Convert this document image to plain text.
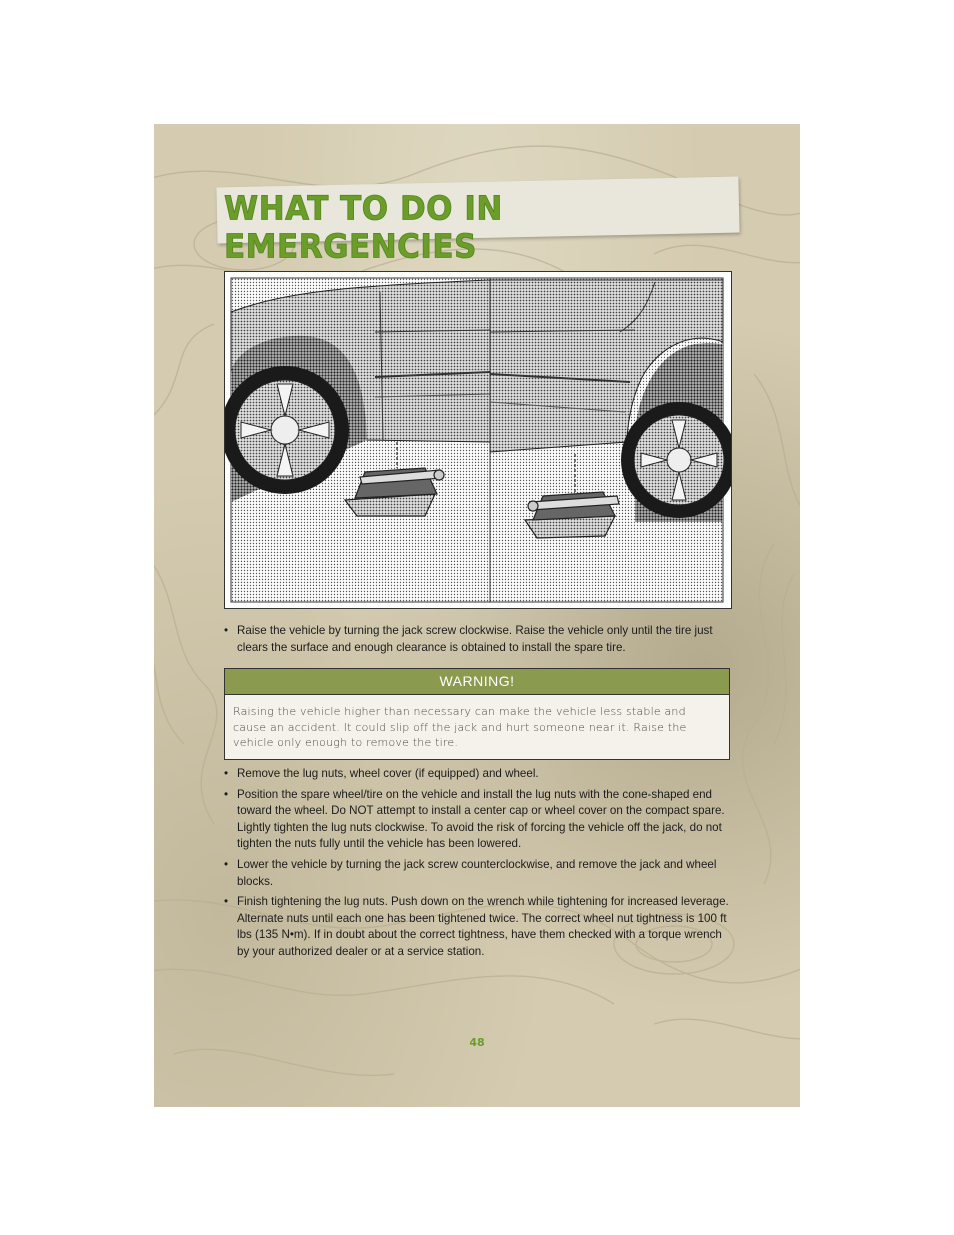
WHAT TO DO IN EMERGENCIES
• Raise the vehicle by turning the jack screw clockwise. Raise the vehicle only until the tire just clears the surface and enough clearance is obtained to install the spare tire.
WARNING!
Raising the vehicle higher than necessary can make the vehicle less stable and cause an accident. It could slip off the jack and hurt someone near it. Raise the vehicle only enough to remove the tire.
• Remove the lug nuts, wheel cover (if equipped) and wheel.
• Position the spare wheel/tire on the vehicle and install the lug nuts with the cone-shaped end toward the wheel. Do NOT attempt to install a center cap or wheel cover on the compact spare. Lightly tighten the lug nuts clockwise. To avoid the risk of forcing the vehicle off the jack, do not tighten the nuts fully until the vehicle has been lowered.
• Lower the vehicle by turning the jack screw counterclockwise, and remove the jack and wheel blocks.
• Finish tightening the lug nuts. Push down on the wrench while tightening for increased leverage. Alternate nuts until each one has been tightened twice. The correct wheel nut tightness is 100 ft lbs (135 N•m). If in doubt about the correct tightness, have them checked with a torque wrench by your authorized dealer or at a service station.
48
